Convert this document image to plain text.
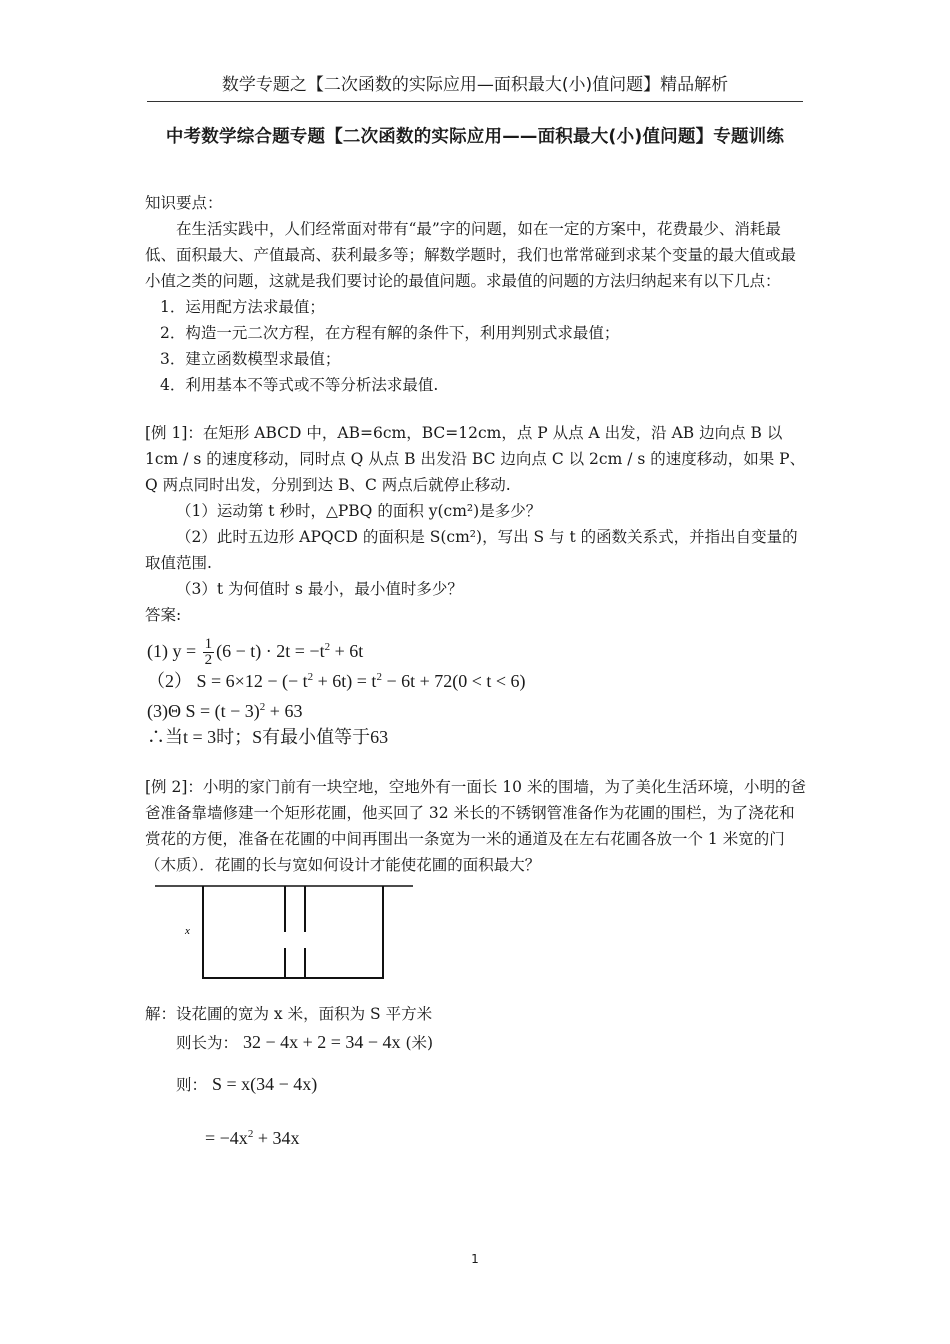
数学专题之【二次函数的实际应用—面积最大(小)值问题】精品解析
中考数学综合题专题【二次函数的实际应用——面积最大(小)值问题】专题训练

知识要点：

在生活实践中，人们经常面对带有“最”字的问题，如在一定的方案中，花费最少、消耗最低、面积最大、产值最高、获利最多等；解数学题时，我们也常常碰到求某个变量的最大值或最小值之类的问题，这就是我们要讨论的最值问题。求最值的问题的方法归纳起来有以下几点：

1．运用配方法求最值；

2．构造一元二次方程，在方程有解的条件下，利用判别式求最值；

3．建立函数模型求最值；

4．利用基本不等式或不等分析法求最值.

[例 1]：在矩形 ABCD 中，AB=6cm，BC=12cm，点 P 从点 A 出发，沿 AB 边向点 B 以 1cm / s 的速度移动，同时点 Q 从点 B 出发沿 BC 边向点 C 以 2cm / s 的速度移动，如果 P、Q 两点同时出发，分别到达 B、C 两点后就停止移动.

（1）运动第 t 秒时，△PBQ 的面积 y(cm²)是多少？

（2）此时五边形 APQCD 的面积是 S(cm²)，写出 S 与 t 的函数关系式，并指出自变量的取值范围.

（3）t 为何值时 s 最小，最小值时多少？

答案:

(1) $y = \frac{1}{2} (6 - t) \cdot 2t = -t^2 + 6t$
（2） S = 6×12 − (− $t^2 + 6t) = t^2 - 6t + 72(0 < t < 6)$
(3)Θ $S = (t - 3)^2 + 63$
∴当t = 3时；S有最小值等于63

[例 2]：小明的家门前有一块空地，空地外有一面长 10 米的围墙，为了美化生活环境，小明的爸爸准备靠墙修建一个矩形花圃，他买回了 32 米长的不锈钢管准备作为花圃的围栏，为了浇花和赏花的方便，准备在花圃的中间再围出一条宽为一米的通道及在左右花圃各放一个 1 米宽的门（木质）．花圃的长与宽如何设计才能使花圃的面积最大？

x
解：设花圃的宽为 x 米，面积为 S 平方米
则长为： 32 − 4x + 2 = 34 − 4x (米)
则： S = x(34 − 4x)
= $-4x^2 + 34x$
1
